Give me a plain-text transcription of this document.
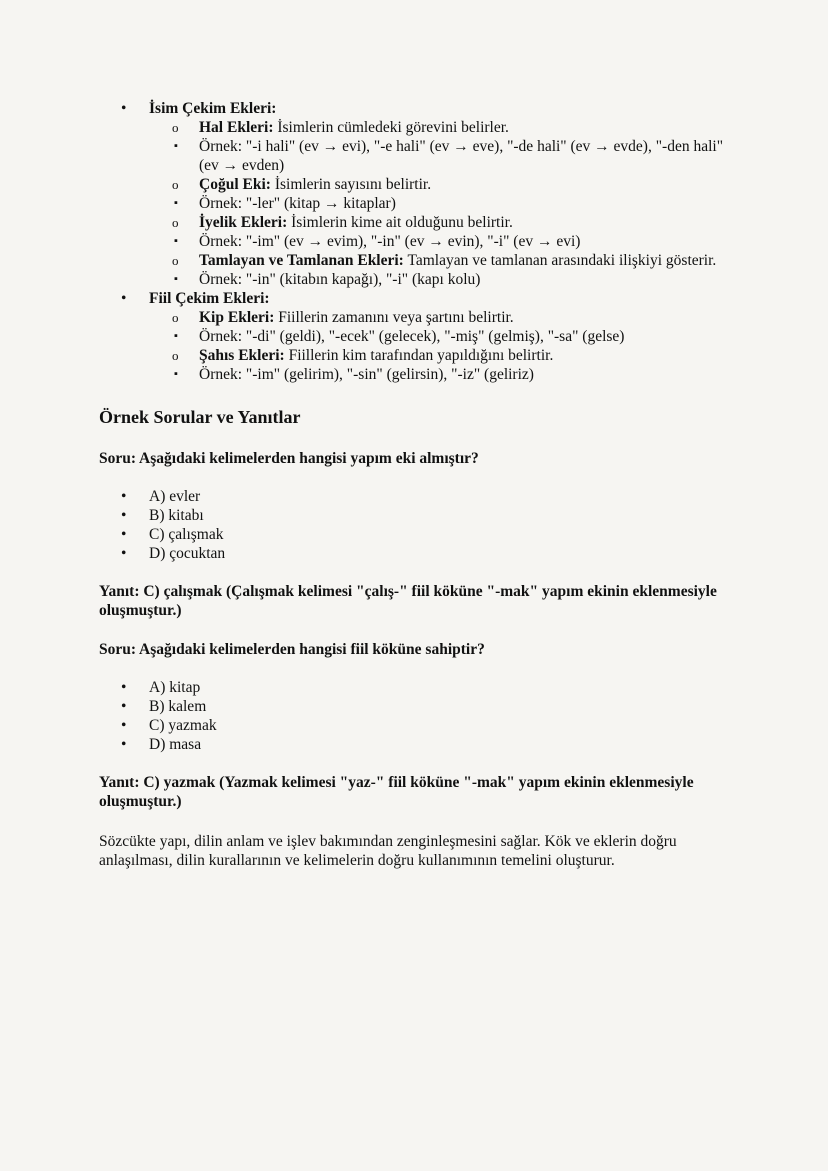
• İsim Çekim Ekleri:
o Hal Ekleri: İsimlerin cümledeki görevini belirler.
▪ Örnek: "-i hali" (ev → evi), "-e hali" (ev → eve), "-de hali" (ev → evde), "-den hali" (ev → evden)
o Çoğul Eki: İsimlerin sayısını belirtir.
▪ Örnek: "-ler" (kitap → kitaplar)
o İyelik Ekleri: İsimlerin kime ait olduğunu belirtir.
▪ Örnek: "-im" (ev → evim), "-in" (ev → evin), "-i" (ev → evi)
o Tamlayan ve Tamlanan Ekleri: Tamlayan ve tamlanan arasındaki ilişkiyi gösterir.
▪ Örnek: "-in" (kitabın kapağı), "-i" (kapı kolu)
• Fiil Çekim Ekleri:
o Kip Ekleri: Fiillerin zamanını veya şartını belirtir.
▪ Örnek: "-di" (geldi), "-ecek" (gelecek), "-miş" (gelmiş), "-sa" (gelse)
o Şahıs Ekleri: Fiillerin kim tarafından yapıldığını belirtir.
▪ Örnek: "-im" (gelirim), "-sin" (gelirsin), "-iz" (geliriz)
Örnek Sorular ve Yanıtlar

Soru: Aşağıdaki kelimelerden hangisi yapım eki almıştır?

• A) evler
• B) kitabı
• C) çalışmak
• D) çocuktan

Yanıt: C) çalışmak (Çalışmak kelimesi "çalış-" fiil köküne "-mak" yapım ekinin eklenmesiyle oluşmuştur.)

Soru: Aşağıdaki kelimelerden hangisi fiil köküne sahiptir?

• A) kitap
• B) kalem
• C) yazmak
• D) masa

Yanıt: C) yazmak (Yazmak kelimesi "yaz-" fiil köküne "-mak" yapım ekinin eklenmesiyle oluşmuştur.)

Sözcükte yapı, dilin anlam ve işlev bakımından zenginleşmesini sağlar. Kök ve eklerin doğru anlaşılması, dilin kurallarının ve kelimelerin doğru kullanımının temelini oluşturur.
